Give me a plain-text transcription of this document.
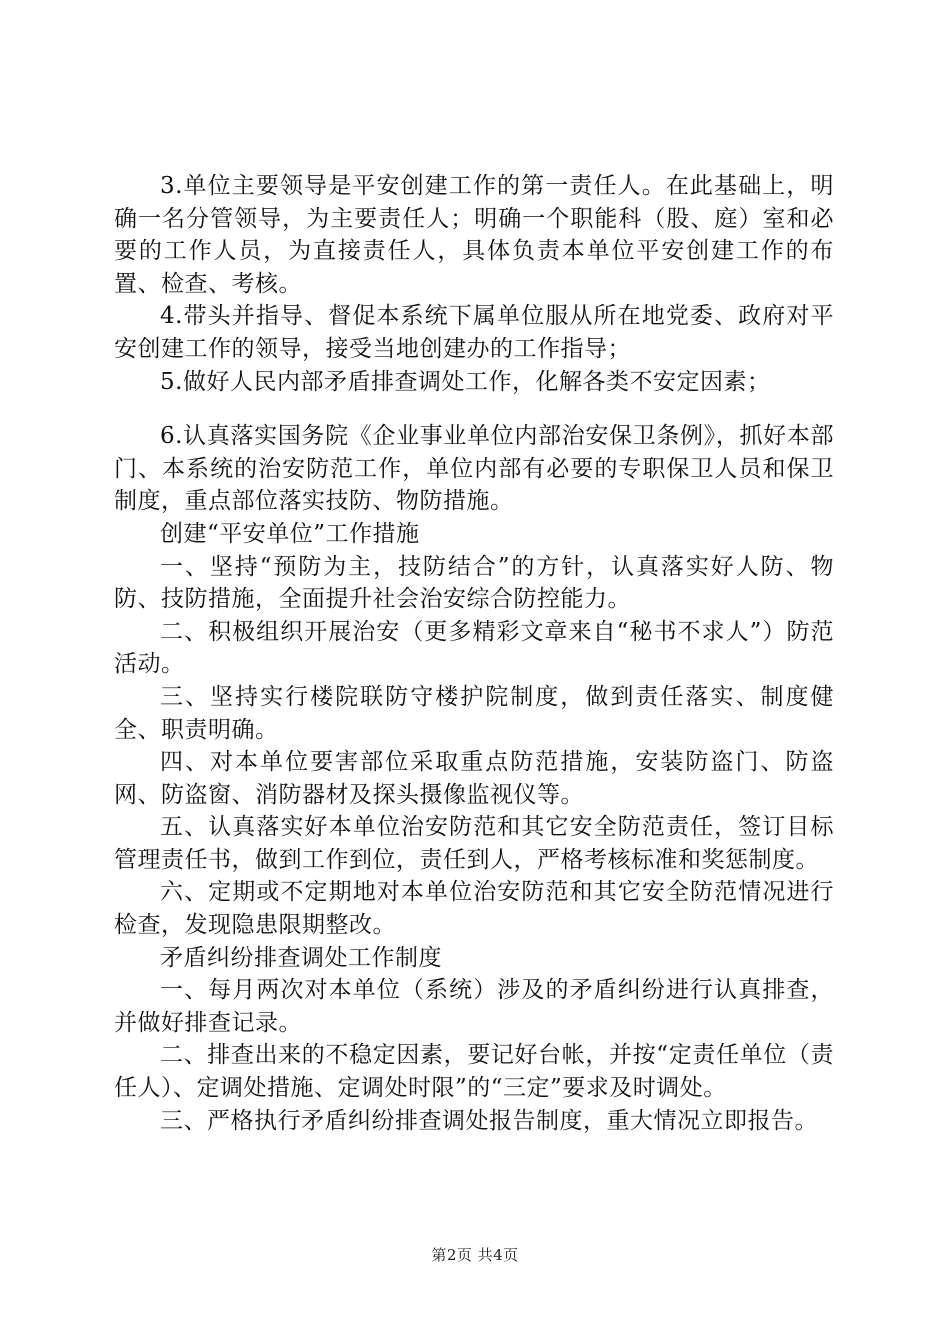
3.单位主要领导是平安创建工作的第一责任人。在此基础上，明确一名分管领导，为主要责任人；明确一个职能科（股、庭）室和必要的工作人员，为直接责任人，具体负责本单位平安创建工作的布置、检查、考核。

4.带头并指导、督促本系统下属单位服从所在地党委、政府对平安创建工作的领导，接受当地创建办的工作指导；

5.做好人民内部矛盾排查调处工作，化解各类不安定因素；

6.认真落实国务院《企业事业单位内部治安保卫条例》，抓好本部门、本系统的治安防范工作，单位内部有必要的专职保卫人员和保卫制度，重点部位落实技防、物防措施。

创建“平安单位”工作措施

一、坚持“预防为主，技防结合”的方针，认真落实好人防、物防、技防措施，全面提升社会治安综合防控能力。

二、积极组织开展治安（更多精彩文章来自“秘书不求人”）防范活动。

三、坚持实行楼院联防守楼护院制度，做到责任落实、制度健全、职责明确。

四、对本单位要害部位采取重点防范措施，安装防盗门、防盗网、防盗窗、消防器材及探头摄像监视仪等。

五、认真落实好本单位治安防范和其它安全防范责任，签订目标管理责任书，做到工作到位，责任到人，严格考核标准和奖惩制度。

六、定期或不定期地对本单位治安防范和其它安全防范情况进行检查，发现隐患限期整改。

矛盾纠纷排查调处工作制度

一、每月两次对本单位（系统）涉及的矛盾纠纷进行认真排查，并做好排查记录。

二、排查出来的不稳定因素，要记好台帐，并按“定责任单位（责任人）、定调处措施、定调处时限”的“三定”要求及时调处。

三、严格执行矛盾纠纷排查调处报告制度，重大情况立即报告。

第2页 共4页
